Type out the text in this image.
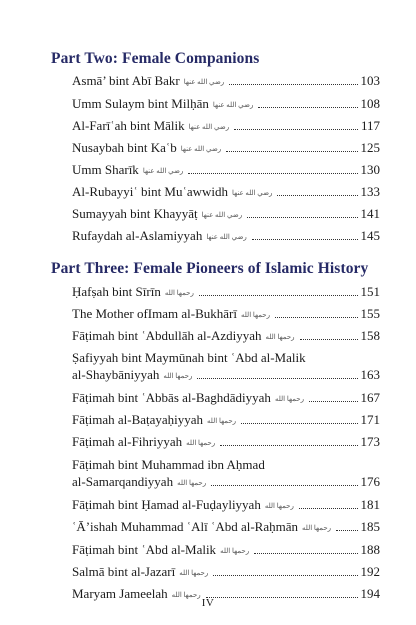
Part Two: Female Companions
Asmā’ bint Abī Bakr رضي الله عنها	103
Umm Sulaym bint Milḥān رضي الله عنها	108
Al-Farīʿah bint Mālik رضي الله عنها	117
Nusaybah bint Kaʿb رضي الله عنها	125
Umm Sharīk رضي الله عنها	130
Al-Rubayyiʿ bint Muʿawwidh رضي الله عنها	133
Sumayyah bint Khayyāṭ رضي الله عنها	141
Rufaydah al-Aslamiyyah رضي الله عنها	145
Part Three: Female Pioneers of Islamic History
Ḥafṣah bint Sīrīn رحمها الله	151
The Mother ofImam al-Bukhārī رحمها الله	155
Fāṭimah bint ʿAbdullāh al-Azdiyyah رحمها الله	158
Ṣafiyyah bint Maymūnah bint ʿAbd al-Malik
al-Shaybāniyyah رحمها الله	163
Fāṭimah bint ʿAbbās al-Baghdādiyyah رحمها الله	167
Fāṭimah al-Baṭayaḥiyyah رحمها الله	171
Fāṭimah al-Fihriyyah رحمها الله	173
Fāṭimah bint Muhammad ibn Aḥmad
al-Samarqandiyyah رحمها الله	176
Fāṭimah bint Ḥamad al-Fuḍayliyyah رحمها الله	181
ʿĀ’ishah Muhammad ʿAlī ʿAbd al-Raḥmān رحمها الله 185
Fāṭimah bint ʿAbd al-Malik رحمها الله	188
Salmā bint al-Jazarī رحمها الله	192
Maryam Jameelah رحمها الله	194
IV
